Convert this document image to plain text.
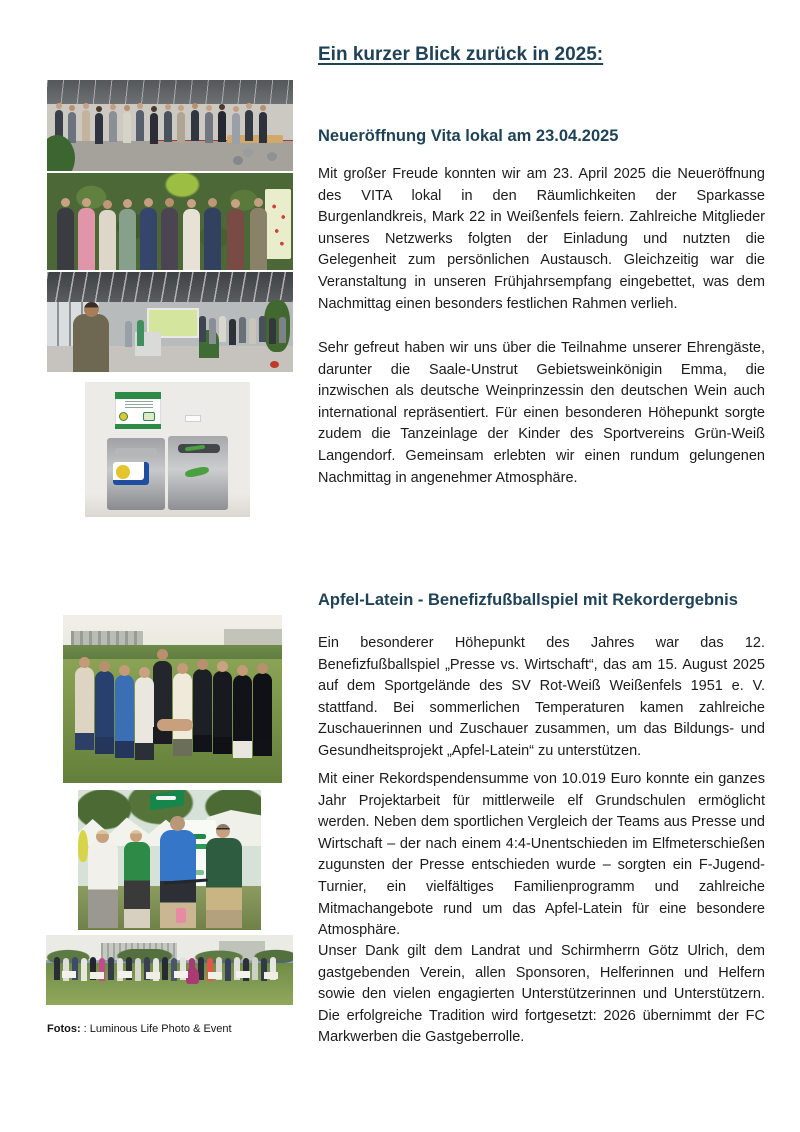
Ein kurzer Blick zurück in 2025:
Neueröffnung Vita lokal am 23.04.2025

Mit großer Freude konnten wir am 23. April 2025 die Neueröffnung des VITA lokal in den Räumlichkeiten der Sparkasse Burgenlandkreis, Mark 22 in Weißenfels feiern. Zahlreiche Mitglieder unseres Netzwerks folgten der Einladung und nutzten die Gelegenheit zum persönlichen Austausch. Gleichzeitig war die Veranstaltung in unseren Frühjahrsempfang eingebettet, was dem Nachmittag einen besonders festlichen Rahmen verlieh.

Sehr gefreut haben wir uns über die Teilnahme unserer Ehrengäste, darunter die Saale-Unstrut Gebietsweinkönigin Emma, die inzwischen als deutsche Weinprinzessin den deutschen Wein auch international repräsentiert. Für einen besonderen Höhepunkt sorgte zudem die Tanzeinlage der Kinder des Sportvereins Grün-Weiß Langendorf. Gemeinsam erlebten wir einen rundum gelungenen Nachmittag in angenehmer Atmosphäre.

Apfel-Latein - Benefizfußballspiel mit Rekordergebnis

Ein besonderer Höhepunkt des Jahres war das 12. Benefizfußballspiel „Presse vs. Wirtschaft“, das am 15. August 2025 auf dem Sportgelände des SV Rot-Weiß Weißenfels 1951 e. V. stattfand. Bei sommerlichen Temperaturen kamen zahlreiche Zuschauerinnen und Zuschauer zusammen, um das Bildungs- und Gesundheitsprojekt „Apfel-Latein“ zu unterstützen.

Mit einer Rekordspendensumme von 10.019 Euro konnte ein ganzes Jahr Projektarbeit für mittlerweile elf Grundschulen ermöglicht werden. Neben dem sportlichen Vergleich der Teams aus Presse und Wirtschaft – der nach einem 4:4-Unentschieden im Elfmeterschießen zugunsten der Presse entschieden wurde – sorgten ein F-Jugend-Turnier, ein vielfältiges Familienprogramm und zahlreiche Mitmachangebote rund um das Apfel-Latein für eine besondere Atmosphäre.

Unser Dank gilt dem Landrat und Schirmherrn Götz Ulrich, dem gastgebenden Verein, allen Sponsoren, Helferinnen und Helfern sowie den vielen engagierten Unterstützerinnen und Unterstützern. Die erfolgreiche Tradition wird fortgesetzt: 2026 übernimmt der FC Markwerben die Gastgeberrolle.

Fotos: : Luminous Life Photo & Event
